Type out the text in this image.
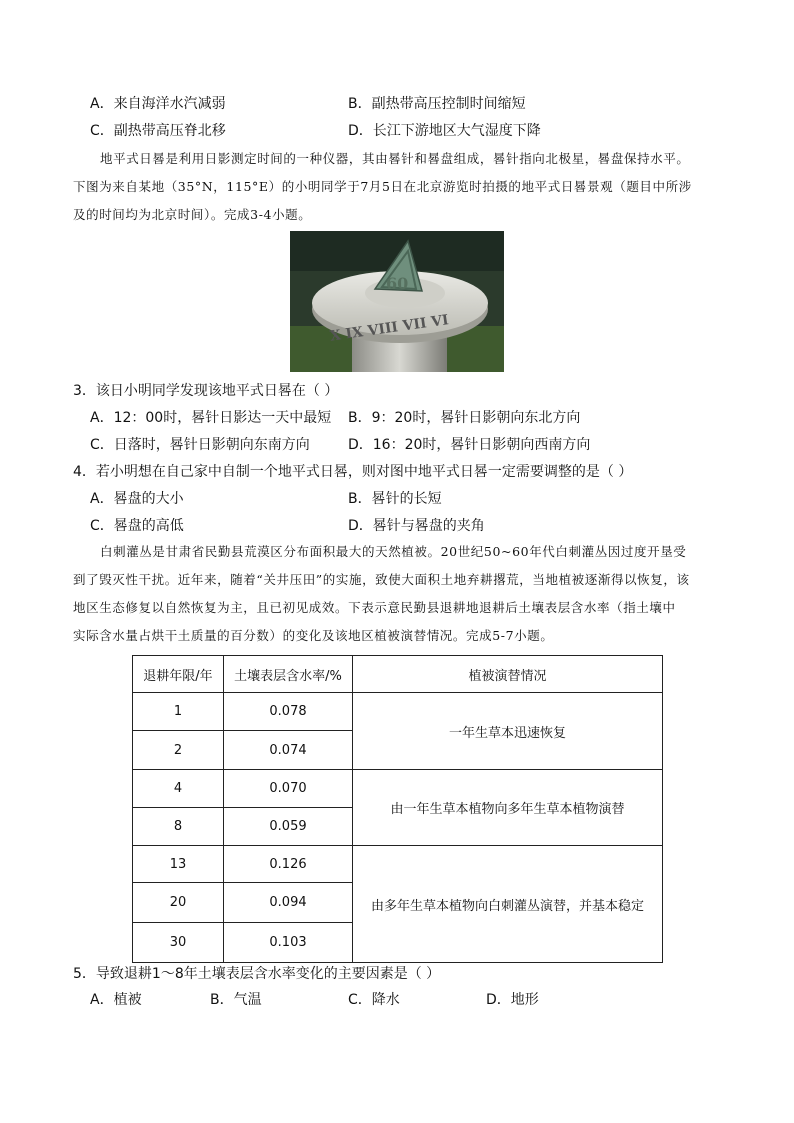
A．来自海洋水汽减弱	B．副热带高压控制时间缩短
C．副热带高压脊北移	D．长江下游地区大气湿度下降
地平式日晷是利用日影测定时间的一种仪器，其由晷针和晷盘组成，晷针指向北极星，晷盘保持水平。
下图为来自某地（35°N，115°E）的小明同学于7月5日在北京游览时拍摄的地平式日晷景观（题目中所涉
及的时间均为北京时间）。完成3-4小题。
60
X IX VIII VII VI
3．该日小明同学发现该地平式日晷在（ ）
A．12：00时，晷针日影达一天中最短 B．9：20时，晷针日影朝向东北方向
C．日落时，晷针日影朝向东南方向	D．16：20时，晷针日影朝向西南方向
4．若小明想在自己家中自制一个地平式日晷，则对图中地平式日晷一定需要调整的是（ ）
A．晷盘的大小	B．晷针的长短
C．晷盘的高低	D．晷针与晷盘的夹角
白刺灌丛是甘肃省民勤县荒漠区分布面积最大的天然植被。20世纪50~60年代白刺灌丛因过度开垦受
到了毁灭性干扰。近年来，随着“关井压田”的实施，致使大面积土地弃耕撂荒，当地植被逐渐得以恢复，该
地区生态修复以自然恢复为主，且已初见成效。下表示意民勤县退耕地退耕后土壤表层含水率（指土壤中
实际含水量占烘干土质量的百分数）的变化及该地区植被演替情况。完成5-7小题。
退耕年限/年	土壤表层含水率/%	植被演替情况
1	0.078	一年生草本迅速恢复
2	0.074	
4	0.070	由一年生草本植物向多年生草本植物演替
8	0.059	
13	0.126	由多年生草本植物向白刺灌丛演替，并基本稳定
20	0.094	
30	0.103	
5．导致退耕1～8年土壤表层含水率变化的主要因素是（ ）
A．植被	B．气温	C．降水	D．地形
